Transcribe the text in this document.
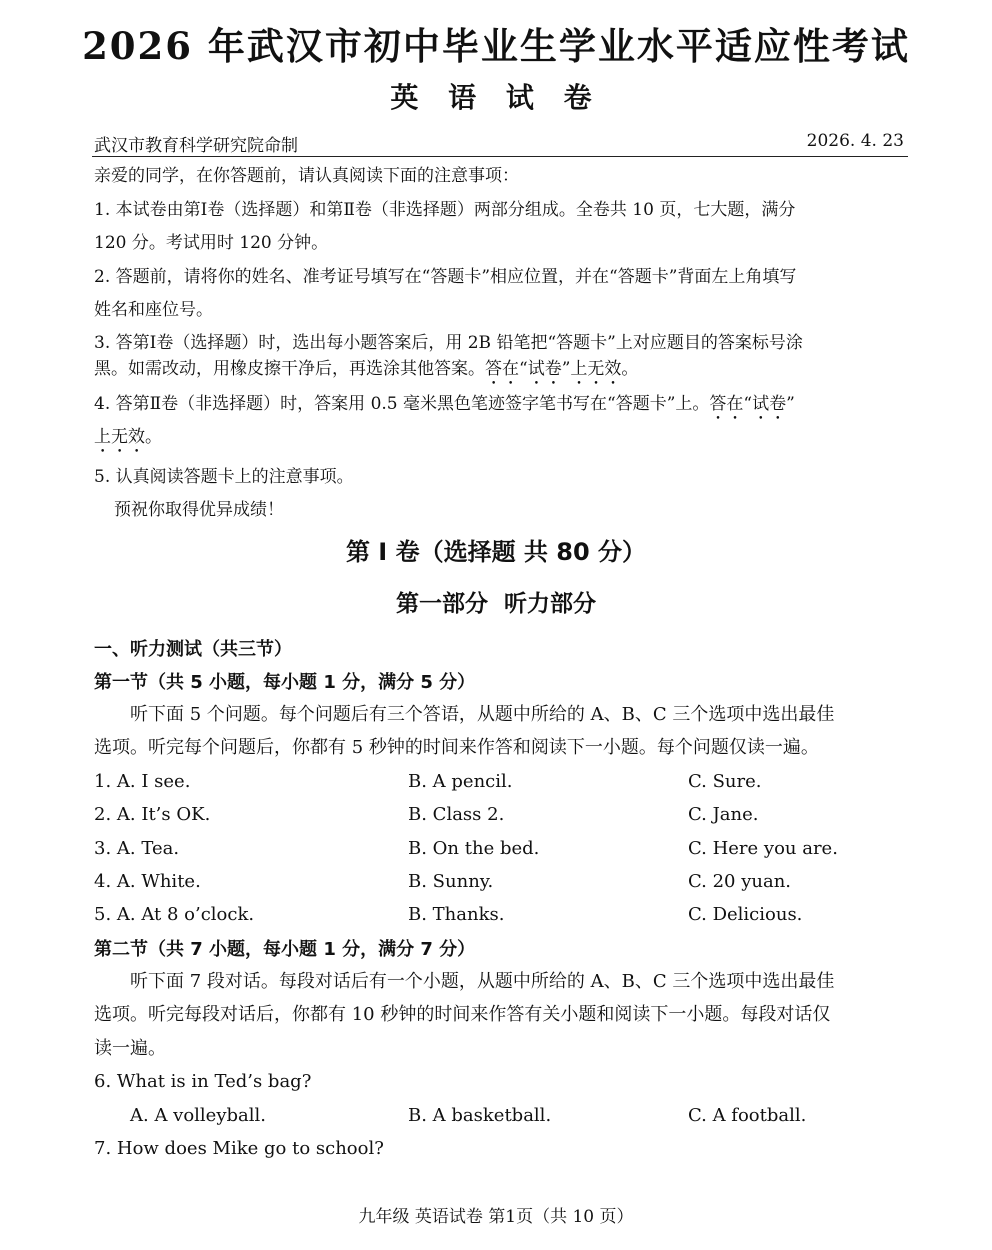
2026 年武汉市初中毕业生学业水平适应性考试
英 语 试 卷
武汉市教育科学研究院命制	2026. 4. 23
亲爱的同学，在你答题前，请认真阅读下面的注意事项：
1. 本试卷由第Ⅰ卷（选择题）和第Ⅱ卷（非选择题）两部分组成。全卷共 10 页，七大题，满分
120 分。考试用时 120 分钟。
2. 答题前，请将你的姓名、准考证号填写在“答题卡”相应位置，并在“答题卡”背面左上角填写
姓名和座位号。
3. 答第Ⅰ卷（选择题）时，选出每小题答案后，用 2B 铅笔把“答题卡”上对应题目的答案标号涂
黑。如需改动，用橡皮擦干净后，再选涂其他答案。答在“试卷”上无效。
4. 答第Ⅱ卷（非选择题）时，答案用 0.5 毫米黑色笔迹签字笔书写在“答题卡”上。答在“试卷”
上无效。
5. 认真阅读答题卡上的注意事项。
预祝你取得优异成绩！
第 I 卷（选择题 共 80 分）
第一部分 听力部分
一、听力测试（共三节）
第一节（共 5 小题，每小题 1 分，满分 5 分）
听下面 5 个问题。每个问题后有三个答语，从题中所给的 A、B、C 三个选项中选出最佳
选项。听完每个问题后，你都有 5 秒钟的时间来作答和阅读下一小题。每个问题仅读一遍。
1. A. I see.	B. A pencil.	C. Sure.
2. A. It’s OK.	B. Class 2.	C. Jane.
3. A. Tea.	B. On the bed.	C. Here you are.
4. A. White.	B. Sunny.	C. 20 yuan.
5. A. At 8 o’clock.	B. Thanks.	C. Delicious.
第二节（共 7 小题，每小题 1 分，满分 7 分）
听下面 7 段对话。每段对话后有一个小题，从题中所给的 A、B、C 三个选项中选出最佳
选项。听完每段对话后，你都有 10 秒钟的时间来作答有关小题和阅读下一小题。每段对话仅
读一遍。
6. What is in Ted’s bag?
A. A volleyball.	B. A basketball.	C. A football.
7. How does Mike go to school?
九年级 英语试卷 第1页（共 10 页）
